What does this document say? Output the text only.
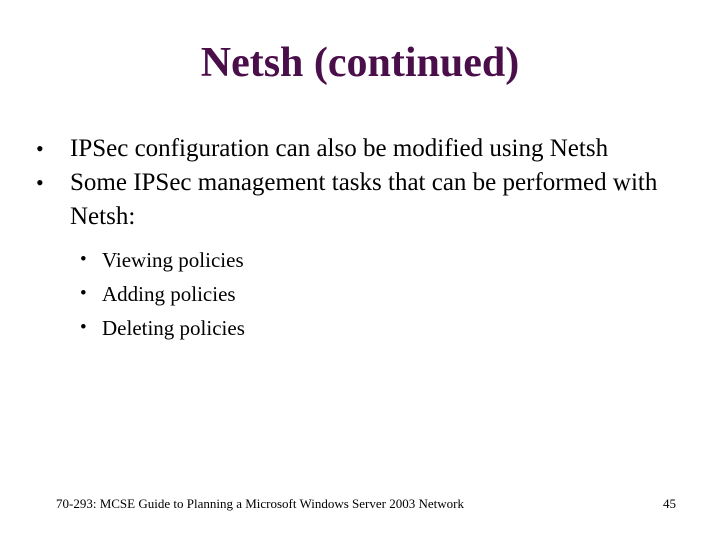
Netsh (continued)
•	IPSec configuration can also be modified using Netsh
•	Some IPSec management tasks that can be performed with Netsh:
• Viewing policies
• Adding policies
• Deleting policies
70-293: MCSE Guide to Planning a Microsoft Windows Server 2003 Network	45
